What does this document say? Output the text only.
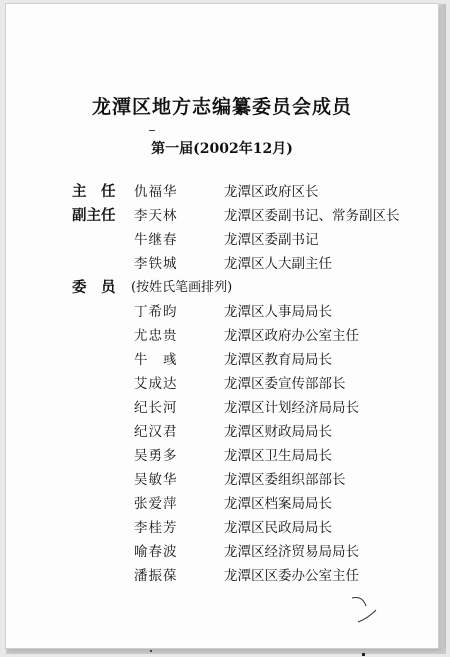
龙潭区地方志编纂委员会成员
第一届(2002年12月)
主　任 仇福华	龙潭区政府区长
副主任 李天林	龙潭区委副书记、常务副区长
牛继春	龙潭区委副书记
李铁城	龙潭区人大副主任
委　员 (按姓氏笔画排列)
丁希昀	龙潭区人事局局长
尤忠贵	龙潭区政府办公室主任
牛　彧	龙潭区教育局局长
艾成达	龙潭区委宣传部部长
纪长河	龙潭区计划经济局局长
纪汉君	龙潭区财政局局长
吴勇多	龙潭区卫生局局长
吴敏华	龙潭区委组织部部长
张爱萍	龙潭区档案局局长
李桂芳	龙潭区民政局局长
喻春波	龙潭区经济贸易局局长
潘振葆	龙潭区区委办公室主任
